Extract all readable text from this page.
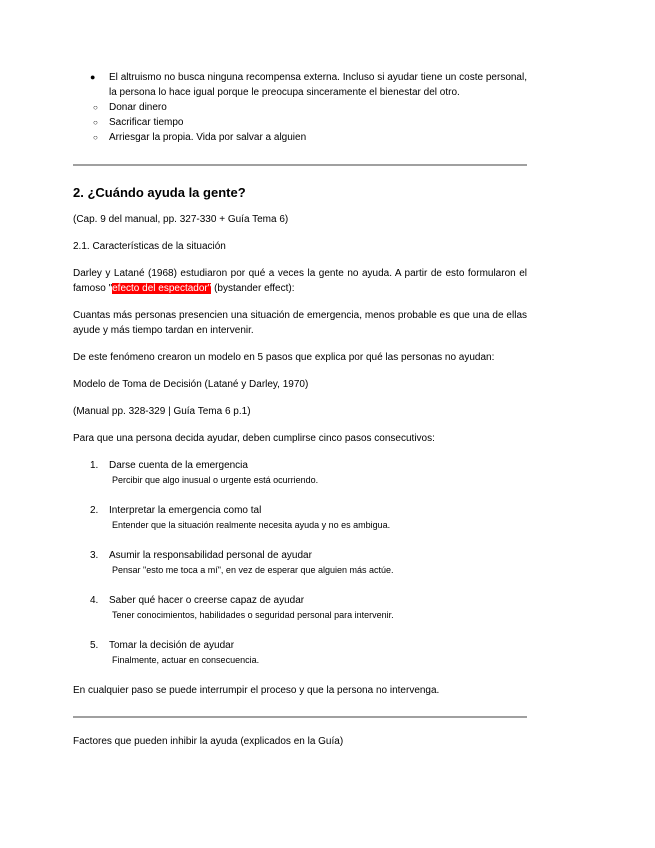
● El altruismo no busca ninguna recompensa externa. Incluso si ayudar tiene un coste personal, la persona lo hace igual porque le preocupa sinceramente el bienestar del otro.
○ Donar dinero
○ Sacrificar tiempo
○ Arriesgar la propia. Vida por salvar a alguien
2. ¿Cuándo ayuda la gente?

(Cap. 9 del manual, pp. 327-330 + Guía Tema 6)

2.1. Características de la situación

Darley y Latané (1968) estudiaron por qué a veces la gente no ayuda. A partir de esto formularon el famoso "efecto del espectador" (bystander effect):

Cuantas más personas presencien una situación de emergencia, menos probable es que una de ellas ayude y más tiempo tardan en intervenir.

De este fenómeno crearon un modelo en 5 pasos que explica por qué las personas no ayudan:

Modelo de Toma de Decisión (Latané y Darley, 1970)

(Manual pp. 328-329 | Guía Tema 6 p.1)

Para que una persona decida ayudar, deben cumplirse cinco pasos consecutivos:

1. Darse cuenta de la emergencia
Percibir que algo inusual o urgente está ocurriendo.
2. Interpretar la emergencia como tal
Entender que la situación realmente necesita ayuda y no es ambigua.
3. Asumir la responsabilidad personal de ayudar
Pensar "esto me toca a mí", en vez de esperar que alguien más actúe.
4. Saber qué hacer o creerse capaz de ayudar
Tener conocimientos, habilidades o seguridad personal para intervenir.
5. Tomar la decisión de ayudar
Finalmente, actuar en consecuencia.

En cualquier paso se puede interrumpir el proceso y que la persona no intervenga.

Factores que pueden inhibir la ayuda (explicados en la Guía)
